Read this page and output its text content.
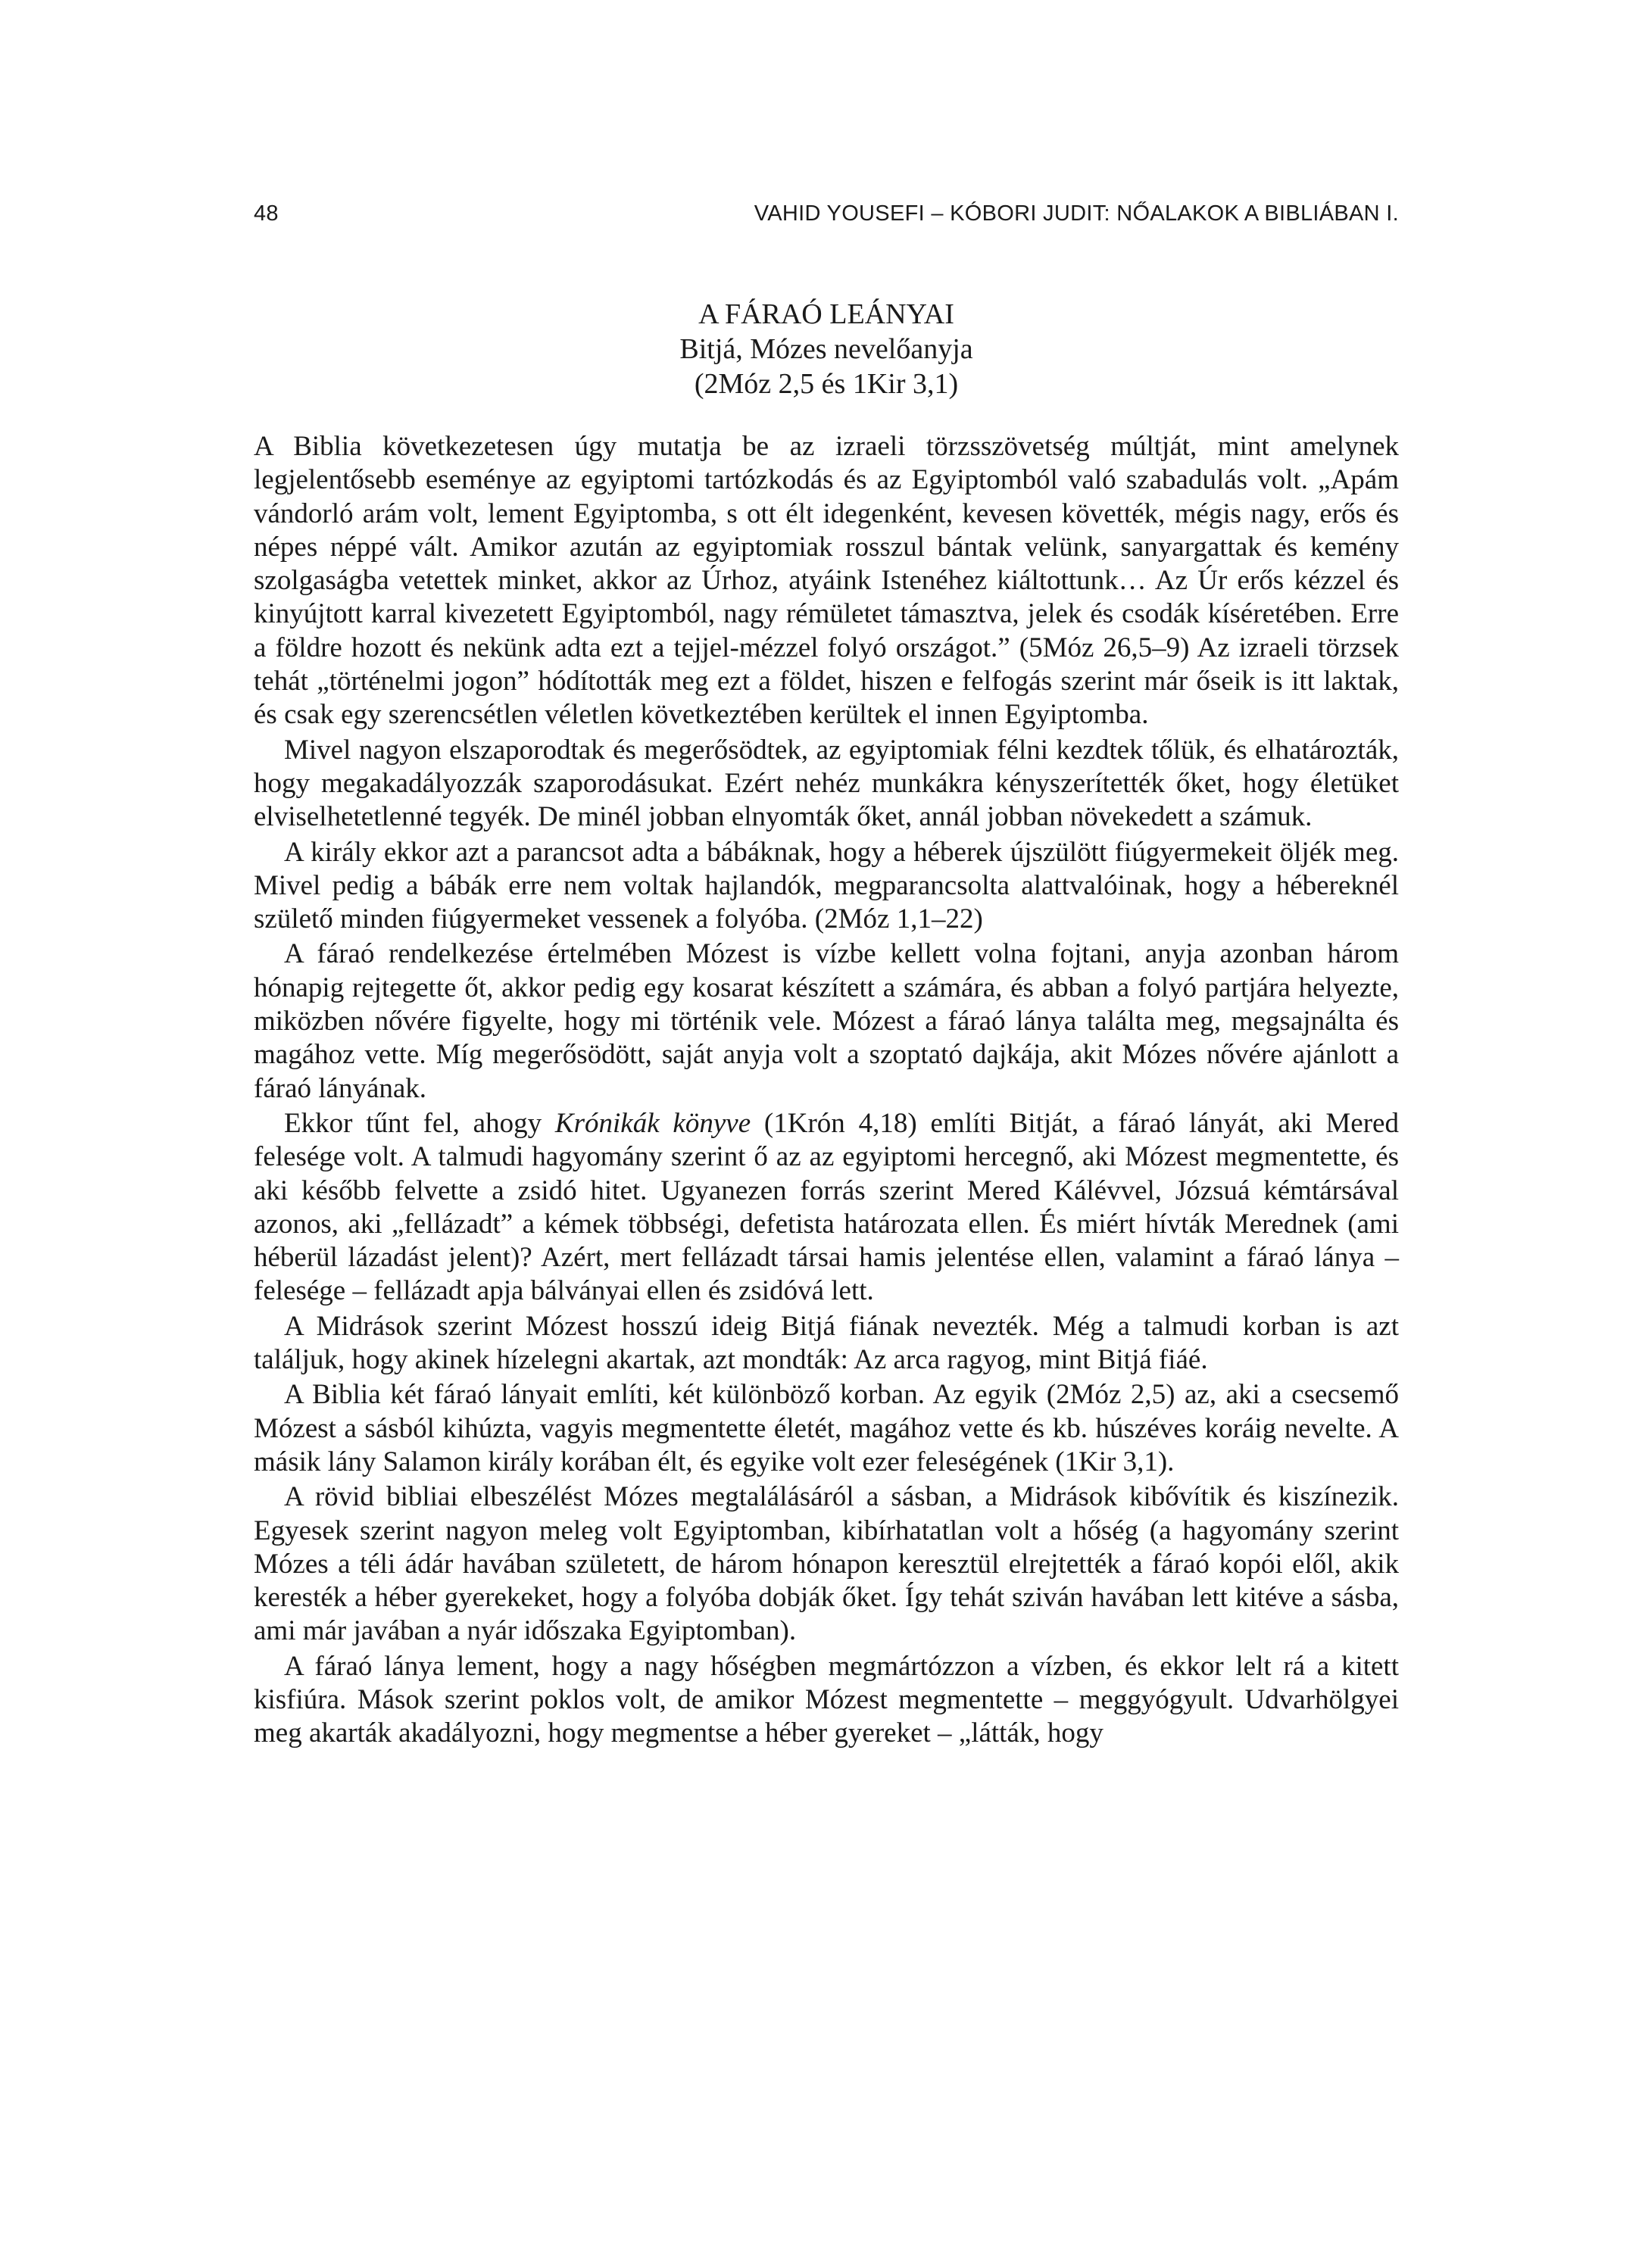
48	VAHID YOUSEFI – KÓBORI JUDIT: NŐALAKOK A BIBLIÁBAN I.
A FÁRAÓ LEÁNYAI
Bitjá, Mózes nevelőanyja
(2Móz 2,5 és 1Kir 3,1)

A Biblia következetesen úgy mutatja be az izraeli törzsszövetség múltját, mint amelynek legjelentősebb eseménye az egyiptomi tartózkodás és az Egyiptomból való szabadulás volt. „Apám vándorló arám volt, lement Egyiptomba, s ott élt idegenként, kevesen követték, mégis nagy, erős és népes néppé vált. Amikor azután az egyiptomiak rosszul bántak velünk, sanyargattak és kemény szolgaságba vetettek minket, akkor az Úrhoz, atyáink Istenéhez kiáltottunk… Az Úr erős kézzel és kinyújtott karral kivezetett Egyiptomból, nagy rémületet támasztva, jelek és csodák kíséretében. Erre a földre hozott és nekünk adta ezt a tejjel-mézzel folyó országot.” (5Móz 26,5–9) Az izraeli törzsek tehát „történelmi jogon” hódították meg ezt a földet, hiszen e felfogás szerint már őseik is itt laktak, és csak egy szerencsétlen véletlen következtében kerültek el innen Egyiptomba.

Mivel nagyon elszaporodtak és megerősödtek, az egyiptomiak félni kezdtek tőlük, és elhatározták, hogy megakadályozzák szaporodásukat. Ezért nehéz munkákra kényszerítették őket, hogy életüket elviselhetetlenné tegyék. De minél jobban elnyomták őket, annál jobban növekedett a számuk.

A király ekkor azt a parancsot adta a bábáknak, hogy a héberek újszülött fiúgyermekeit öljék meg. Mivel pedig a bábák erre nem voltak hajlandók, megparancsolta alattvalóinak, hogy a hébereknél születő minden fiúgyermeket vessenek a folyóba. (2Móz 1,1–22)

A fáraó rendelkezése értelmében Mózest is vízbe kellett volna fojtani, anyja azonban három hónapig rejtegette őt, akkor pedig egy kosarat készített a számára, és abban a folyó partjára helyezte, miközben nővére figyelte, hogy mi történik vele. Mózest a fáraó lánya találta meg, megsajnálta és magához vette. Míg megerősödött, saját anyja volt a szoptató dajkája, akit Mózes nővére ajánlott a fáraó lányának.

Ekkor tűnt fel, ahogy Krónikák könyve (1Krón 4,18) említi Bitját, a fáraó lányát, aki Mered felesége volt. A talmudi hagyomány szerint ő az az egyiptomi hercegnő, aki Mózest megmentette, és aki később felvette a zsidó hitet. Ugyanezen forrás szerint Mered Kálévvel, Józsuá kémtársával azonos, aki „fellázadt” a kémek többségi, defetista határozata ellen. És miért hívták Merednek (ami héberül lázadást jelent)? Azért, mert fellázadt társai hamis jelentése ellen, valamint a fáraó lánya – felesége – fellázadt apja bálványai ellen és zsidóvá lett.

A Midrások szerint Mózest hosszú ideig Bitjá fiának nevezték. Még a talmudi korban is azt találjuk, hogy akinek hízelegni akartak, azt mondták: Az arca ragyog, mint Bitjá fiáé.

A Biblia két fáraó lányait említi, két különböző korban. Az egyik (2Móz 2,5) az, aki a csecsemő Mózest a sásból kihúzta, vagyis megmentette életét, magához vette és kb. húszéves koráig nevelte. A másik lány Salamon király korában élt, és egyike volt ezer feleségének (1Kir 3,1).

A rövid bibliai elbeszélést Mózes megtalálásáról a sásban, a Midrások kibővítik és kiszínezik. Egyesek szerint nagyon meleg volt Egyiptomban, kibírhatatlan volt a hőség (a hagyomány szerint Mózes a téli ádár havában született, de három hónapon keresztül elrejtették a fáraó kopói elől, akik keresték a héber gyerekeket, hogy a folyóba dobják őket. Így tehát sziván havában lett kitéve a sásba, ami már javában a nyár időszaka Egyiptomban).

A fáraó lánya lement, hogy a nagy hőségben megmártózzon a vízben, és ekkor lelt rá a kitett kisfiúra. Mások szerint poklos volt, de amikor Mózest megmentette – meggyógyult. Udvarhölgyei meg akarták akadályozni, hogy megmentse a héber gyereket – „látták, hogy
